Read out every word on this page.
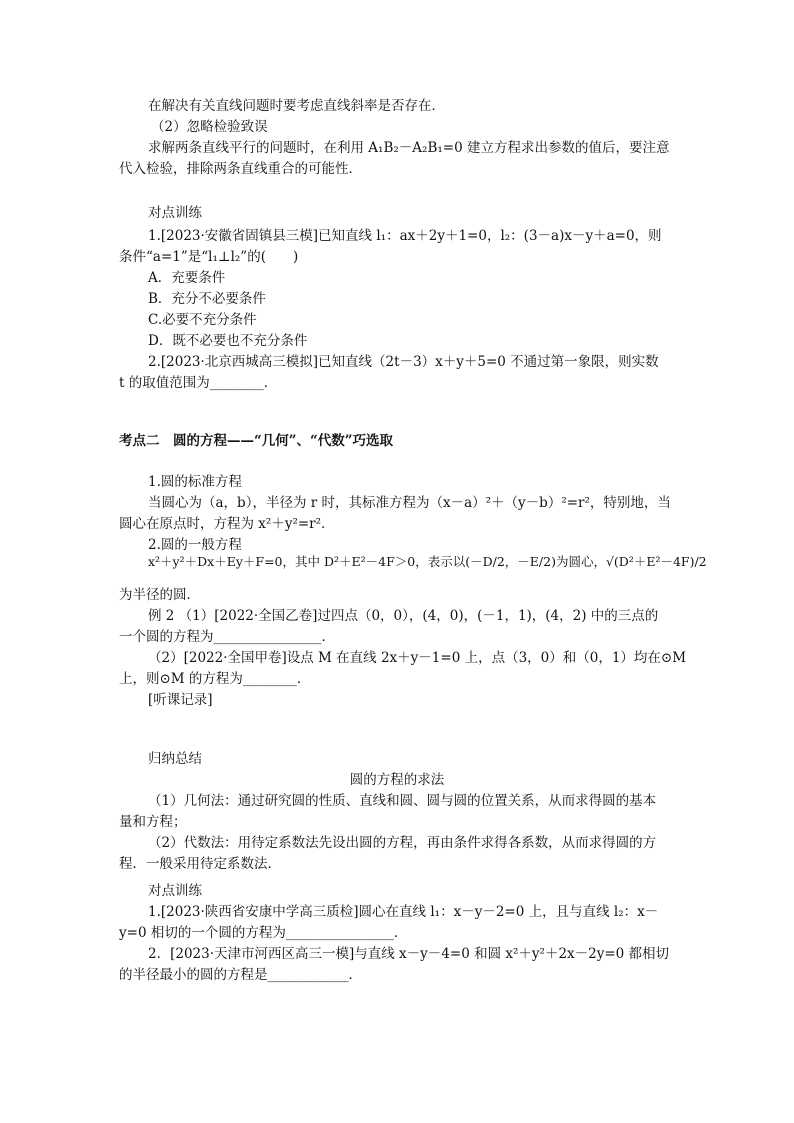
在解决有关直线问题时要考虑直线斜率是否存在．
（2）忽略检验致误
求解两条直线平行的问题时，在利用 A₁B₂－A₂B₁=0 建立方程求出参数的值后，要注意
代入检验，排除两条直线重合的可能性．
对点训练
1.[2023·安徽省固镇县三模]已知直线 l₁：ax＋2y＋1=0，l₂：(3－a)x－y＋a=0，则
条件“a=1”是“l₁⊥l₂”的(　　)
A．充要条件
B．充分不必要条件
C.必要不充分条件
D．既不必要也不充分条件
2.[2023·北京西城高三模拟]已知直线（2t－3）x＋y＋5=0 不通过第一象限，则实数
t 的取值范围为________．
考点二　圆的方程——“几何”、“代数”巧选取
1.圆的标准方程
当圆心为（a，b），半径为 r 时，其标准方程为（x－a）²＋（y－b）²=r²，特别地，当
圆心在原点时，方程为 x²＋y²=r²．
2.圆的一般方程
x²＋y²＋Dx＋Ey＋F=0，其中 D²＋E²－4F＞0，表示以(－D/2，－E/2)为圆心，√(D²＋E²－4F)/2
为半径的圆．
例 2 （1）[2022·全国乙卷]过四点（0，0），(4，0)，(－1，1)，(4，2) 中的三点的
一个圆的方程为________________．
（2）[2022·全国甲卷]设点 M 在直线 2x＋y－1=0 上，点（3，0）和（0，1）均在⊙M
上，则⊙M 的方程为________．
[听课记录]
归纳总结
圆的方程的求法
（1）几何法：通过研究圆的性质、直线和圆、圆与圆的位置关系，从而求得圆的基本
量和方程；
（2）代数法：用待定系数法先设出圆的方程，再由条件求得各系数，从而求得圆的方
程．一般采用待定系数法．
对点训练
1.[2023·陕西省安康中学高三质检]圆心在直线 l₁：x－y－2=0 上，且与直线 l₂：x－
y=0 相切的一个圆的方程为________________．
2．[2023·天津市河西区高三一模]与直线 x－y－4=0 和圆 x²＋y²＋2x－2y=0 都相切
的半径最小的圆的方程是____________．
